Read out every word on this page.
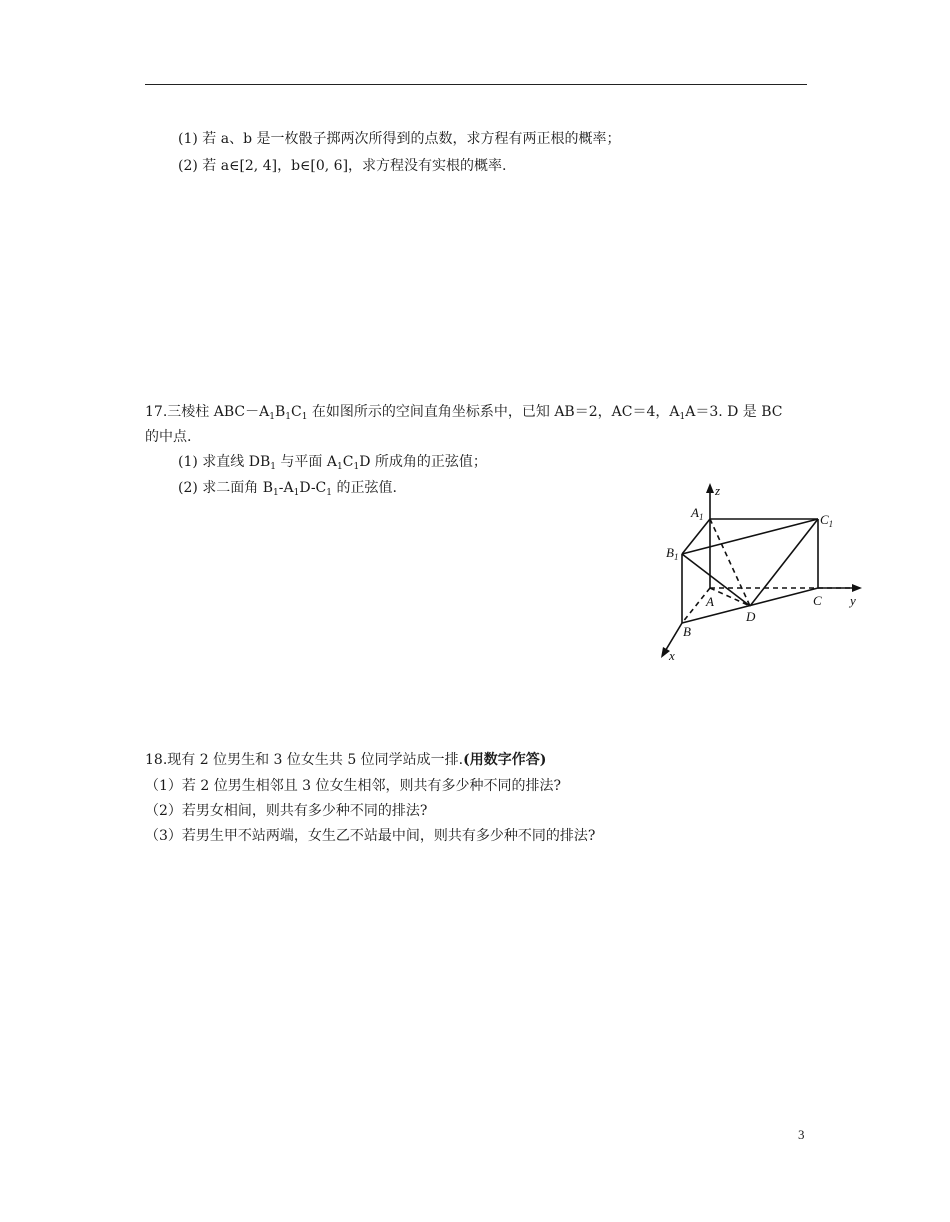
(1) 若 a、b 是一枚骰子掷两次所得到的点数，求方程有两正根的概率；
(2) 若 a∈[2, 4]，b∈[0, 6]，求方程没有实根的概率.
17.三棱柱 $ABC-A_1B_1C_1$ 在如图所示的空间直角坐标系中，已知 AB＝2，AC＝4，$A_1A=3$. D 是 BC
的中点.
(1) 求直线 $DB_1$ 与平面 $A_1C_1D$ 所成角的正弦值；
(2) 求二面角 $B_1-A_1D-C_1$ 的正弦值.	z
y
x
$A_1$
$B_1$
$C_1$
A
B
C
D
18.现有 2 位男生和 3 位女生共 5 位同学站成一排.(用数字作答)
（1）若 2 位男生相邻且 3 位女生相邻，则共有多少种不同的排法?
（2）若男女相间，则共有多少种不同的排法?
（3）若男生甲不站两端，女生乙不站最中间，则共有多少种不同的排法?
3
